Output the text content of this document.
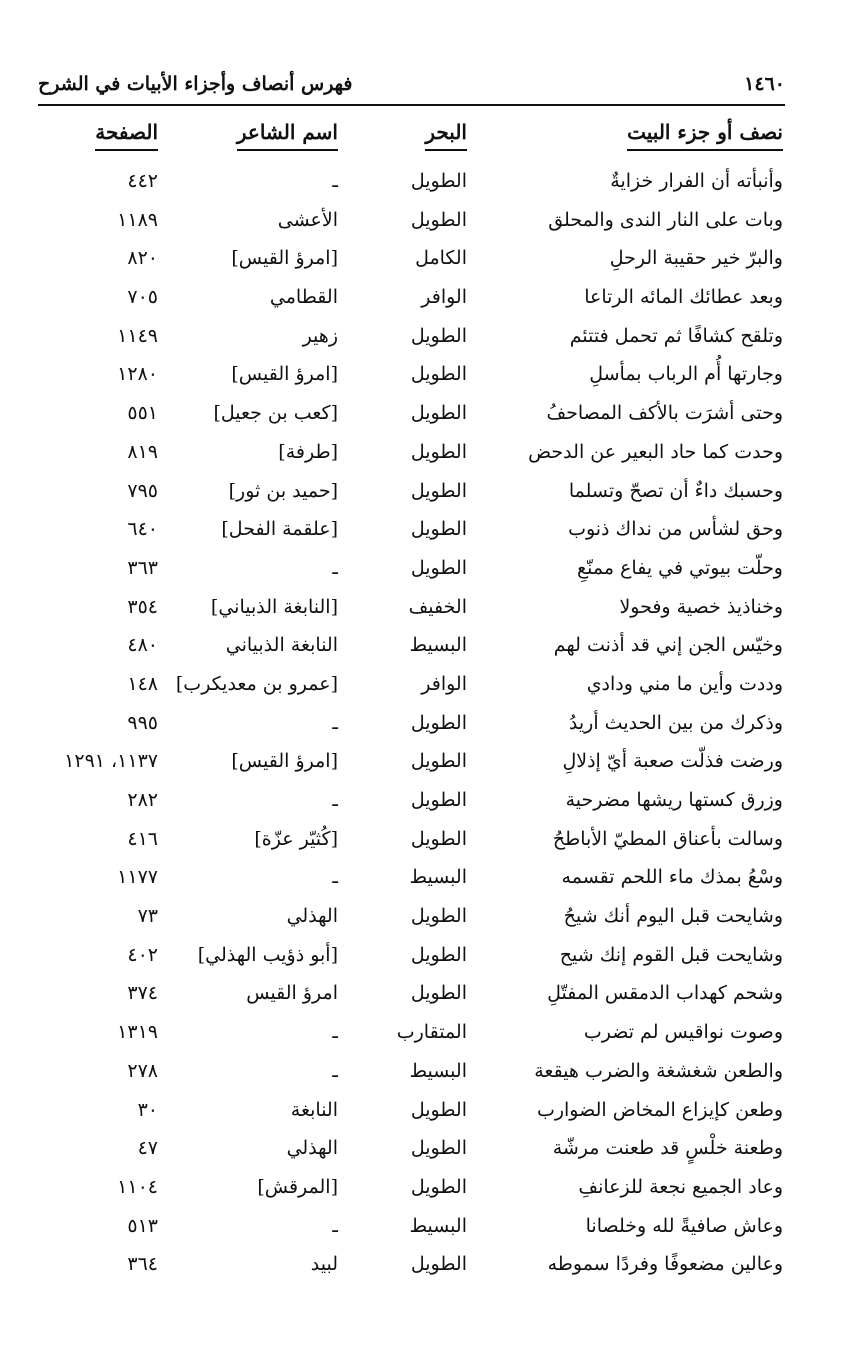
١٤٦٠
فهرس أنصاف وأجزاء الأبيات في الشرح
نصف أو جزء البيت
البحر
اسم الشاعر
الصفحة
وأنبأته أن الفرار خزايةٌ
الطويل
ـ
٤٤٢
وبات على النار الندى والمحلق
الطويل
الأعشى
١١٨٩
والبرّ خير حقيبة الرحلِ
الكامل
[امرؤ القيس]
٨٢٠
وبعد عطائك المائه الرتاعا
الوافر
القطامي
٧٠٥
وتلقح كشافًا ثم تحمل فتتئم
الطويل
زهير
١١٤٩
وجارتها أُم الرباب بمأسلِ
الطويل
[امرؤ القيس]
١٢٨٠
وحتى أشرَت بالأكف المصاحفُ
الطويل
[كعب بن جعيل]
٥٥١
وحدت كما حاد البعير عن الدحض
الطويل
[طرفة]
٨١٩
وحسبك داءٌ أن تصحّ وتسلما
الطويل
[حميد بن ثور]
٧٩٥
وحق لشأس من نداك ذنوب
الطويل
[علقمة الفحل]
٦٤٠
وحلّت بيوتي في يفاع ممنّعِ
الطويل
ـ
٣٦٣
وخناذيذ خصية وفحولا
الخفيف
[النابغة الذبياني]
٣٥٤
وخيّس الجن إني قد أذنت لهم
البسيط
النابغة الذبياني
٤٨٠
وددت وأين ما مني ودادي
الوافر
[عمرو بن معديكرب]
١٤٨
وذكرك من بين الحديث أريدُ
الطويل
ـ
٩٩٥
ورضت فذلّت صعبة أيّ إذلالِ
الطويل
[امرؤ القيس]
١١٣٧، ١٢٩١
وزرق كستها ريشها مضرحية
الطويل
ـ
٢٨٢
وسالت بأعناق المطيّ الأباطحُ
الطويل
[كُثيّر عزّة]
٤١٦
وسْعُ بمذك ماء اللحم تقسمه
البسيط
ـ
١١٧٧
وشايحت قبل اليوم أنك شيحُ
الطويل
الهذلي
٧٣
وشايحت قبل القوم إنك شيح
الطويل
[أبو ذؤيب الهذلي]
٤٠٢
وشحم كهداب الدمقس المفتّلِ
الطويل
امرؤ القيس
٣٧٤
وصوت نواقيس لم تضرب
المتقارب
ـ
١٣١٩
والطعن شغشغة والضرب هيقعة
البسيط
ـ
٢٧٨
وطعن كإيزاع المخاض الضوارب
الطويل
النابغة
٣٠
وطعنة خلْسٍ قد طعنت مرشّة
الطويل
الهذلي
٤٧
وعاد الجميع نجعة للزعانفِ
الطويل
[المرقش]
١١٠٤
وعاش صافيةً لله وخلصانا
البسيط
ـ
٥١٣
وعالين مضعوفًا وفردًا سموطه
الطويل
لبيد
٣٦٤
